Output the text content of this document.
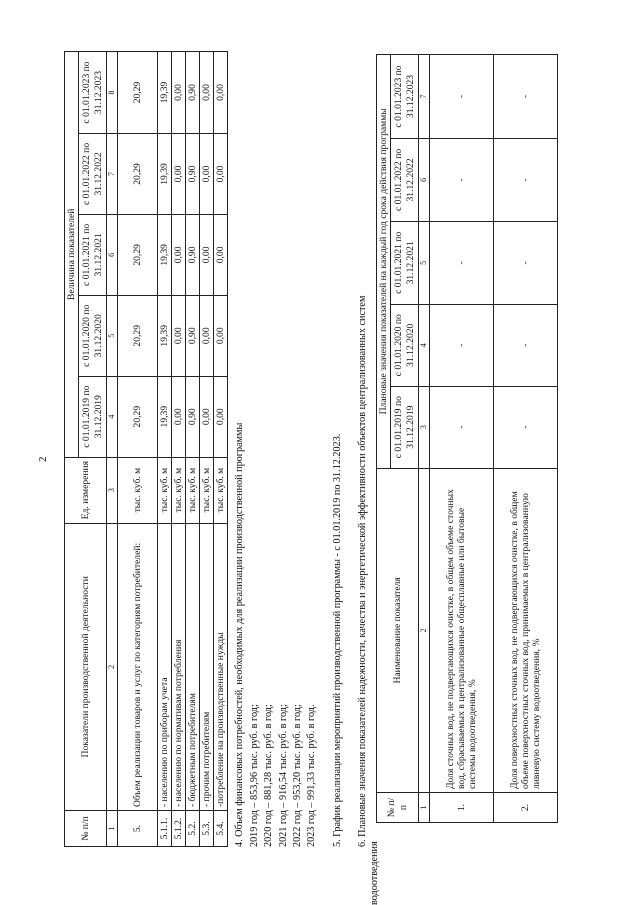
2
№ п/п	Показатели производственной деятельности	Ед. измерения	Величина показателей				
			с 01.01.2019 по 31.12.2019	с 01.01.2020 по 31.12.2020	с 01.01.2021 по 31.12.2021	с 01.01.2022 по 31.12.2022	с 01.01.2023 по 31.12.2023
1	2	3	4	5	6	7	8
5.	Объем реализации товаров и услуг по категориям потребителей:	тыс. куб. м	20,29	20,29	20,29	20,29	20,29
5.1.1.	- населению по приборам учета	тыс. куб. м	19,39	19,39	19,39	19,39	19,39
5.1.2.	- населению по нормативам потребления	тыс. куб. м	0,00	0,00	0,00	0,00	0,00
5.2.	- бюджетным потребителям	тыс. куб. м	0,90	0,90	0,90	0,90	0,90
5.3.	- прочим потребителям	тыс. куб. м	0,00	0,00	0,00	0,00	0,00
5.4.	-потребление на производственные нужды	тыс. куб. м	0,00	0,00	0,00	0,00	0,00
4. Объем финансовых потребностей, необходимых для реализации производственной программы 2019 год – 853,96 тыс. руб. в год; 2020 год – 881,28 тыс. руб. в год; 2021 год – 916,54 тыс. руб. в год; 2022 год – 953,20 тыс. руб. в год; 2023 год – 991,33 тыс. руб. в год. 5. График реализации мероприятий производственной программы - с 01.01.2019 по 31.12.2023. 6. Плановые значения показателей надежности, качества и энергетической эффективности объектов централизованных систем
водоотведения
№ п/п	Наименование показателя	Плановые значения показателей на каждый год срока действия программы				
		с 01.01.2019 по 31.12.2019	с 01.01.2020 по 31.12.2020	с 01.01.2021 по 31.12.2021	с 01.01.2022 по 31.12.2022	с 01.01.2023 по 31.12.2023
1	2	3	4	5	6	7
1.	Доля сточных вод, не подвергающихся очистке, в общем объеме сточных вод, сбрасываемых в централизованные общесплавные или бытовые системы водоотведения, %	-	-	-	-	-
2.	Доля поверхностных сточных вод, не подвергающихся очистке, в общем объеме поверхностных сточных вод, принимаемых в централизованную ливневую систему водоотведения, %	-	-	-	-	-
